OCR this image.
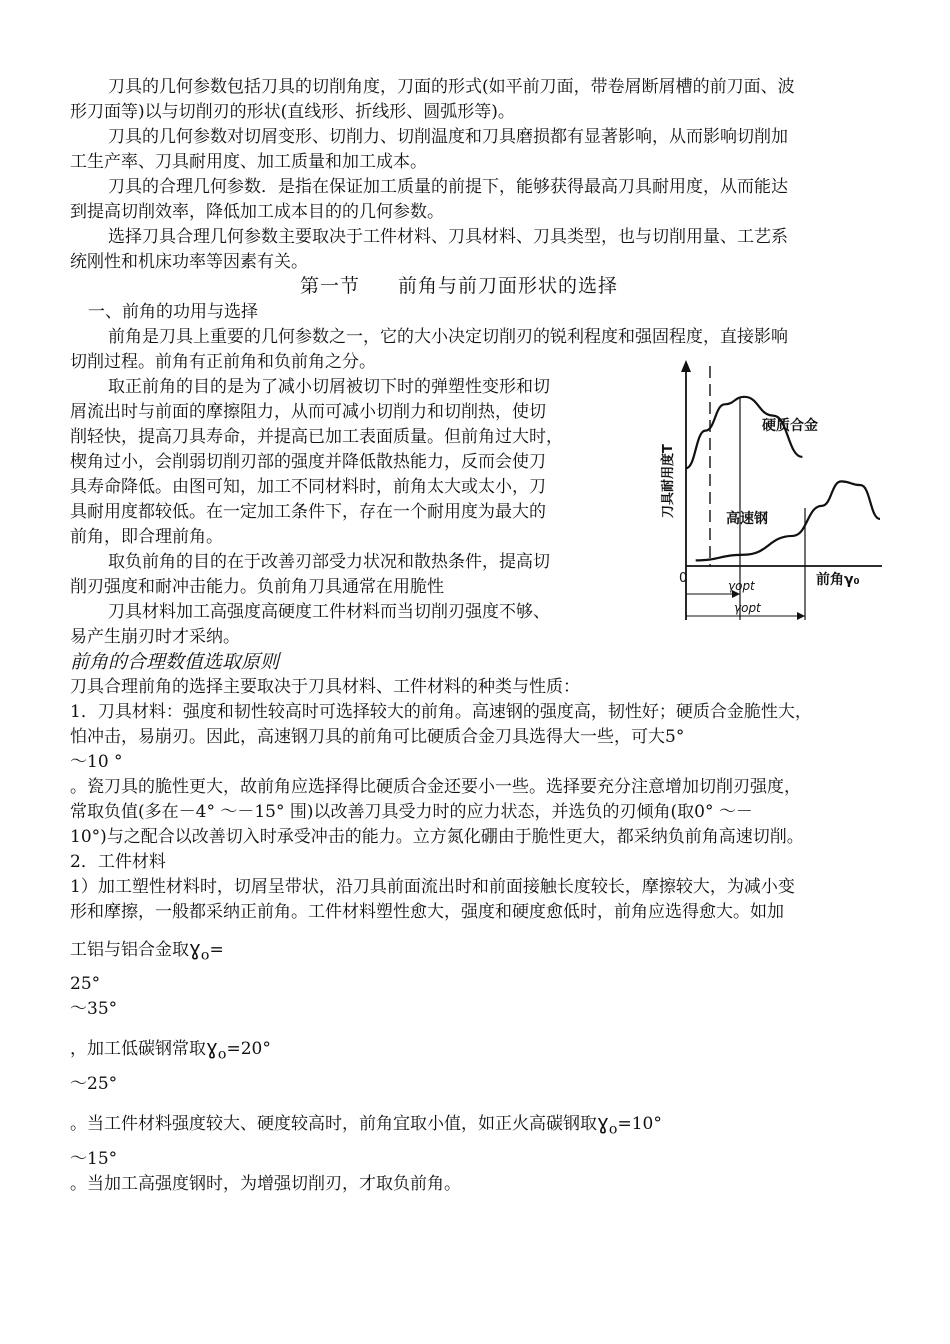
刀具的几何参数包括刀具的切削角度，刀面的形式(如平前刀面，带卷屑断屑槽的前刀面、波
形刀面等)以与切削刃的形状(直线形、折线形、圆弧形等)。
刀具的几何参数对切屑变形、切削力、切削温度和刀具磨损都有显著影响，从而影响切削加
工生产率、刀具耐用度、加工质量和加工成本。
刀具的合理几何参数．是指在保证加工质量的前提下，能够获得最高刀具耐用度，从而能达
到提高切削效率，降低加工成本目的的几何参数。
选择刀具合理几何参数主要取决于工件材料、刀具材料、刀具类型，也与切削用量、工艺系
统刚性和机床功率等因素有关。
第一节 前角与前刀面形状的选择
一、前角的功用与选择
前角是刀具上重要的几何参数之一，它的大小决定切削刃的锐利程度和强固程度，直接影响
切削过程。前角有正前角和负前角之分。
取正前角的目的是为了减小切屑被切下时的弹塑性变形和切
屑流出时与前面的摩擦阻力，从而可减小切削力和切削热，使切
削轻快，提高刀具寿命，并提高已加工表面质量。但前角过大时，
楔角过小，会削弱切削刃部的强度并降低散热能力，反而会使刀
具寿命降低。由图可知，加工不同材料时，前角太大或太小，刀
具耐用度都较低。在一定加工条件下，存在一个耐用度为最大的
前角，即合理前角。
取负前角的目的在于改善刃部受力状况和散热条件，提高切
削刃强度和耐冲击能力。负前角刀具通常在用脆性
刀具材料加工高强度高硬度工件材料而当切削刃强度不够、
易产生崩刃时才采纳。
硬质合金
高速钢
刀具耐用度T
前角γ₀
0	γopt
γopt
前角的合理数值选取原则
刀具合理前角的选择主要取决于刀具材料、工件材料的种类与性质：
1．刀具材料：强度和韧性较高时可选择较大的前角。高速钢的强度高，韧性好；硬质合金脆性大，
怕冲击，易崩刃。因此，高速钢刀具的前角可比硬质合金刀具选得大一些，可大5°
～10 °
。瓷刀具的脆性更大，故前角应选择得比硬质合金还要小一些。选择要充分注意增加切削刃强度，
常取负值(多在－4° ～－15° 围)以改善刀具受力时的应力状态，并选负的刃倾角(取0° ～－
10°)与之配合以改善切入时承受冲击的能力。立方氮化硼由于脆性更大，都采纳负前角高速切削。
2．工件材料
1）加工塑性材料时，切屑呈带状，沿刀具前面流出时和前面接触长度较长，摩擦较大，为减小变
形和摩擦，一般都采纳正前角。工件材料塑性愈大，强度和硬度愈低时，前角应选得愈大。如加
工铝与铝合金取ɣ$_o$=
25°
～35°
，加工低碳钢常取ɣ$_o$=20°
～25°
。当工件材料强度较大、硬度较高时，前角宜取小值，如正火高碳钢取ɣ$_o$=10°
～15°
。当加工高强度钢时，为增强切削刃，才取负前角。
